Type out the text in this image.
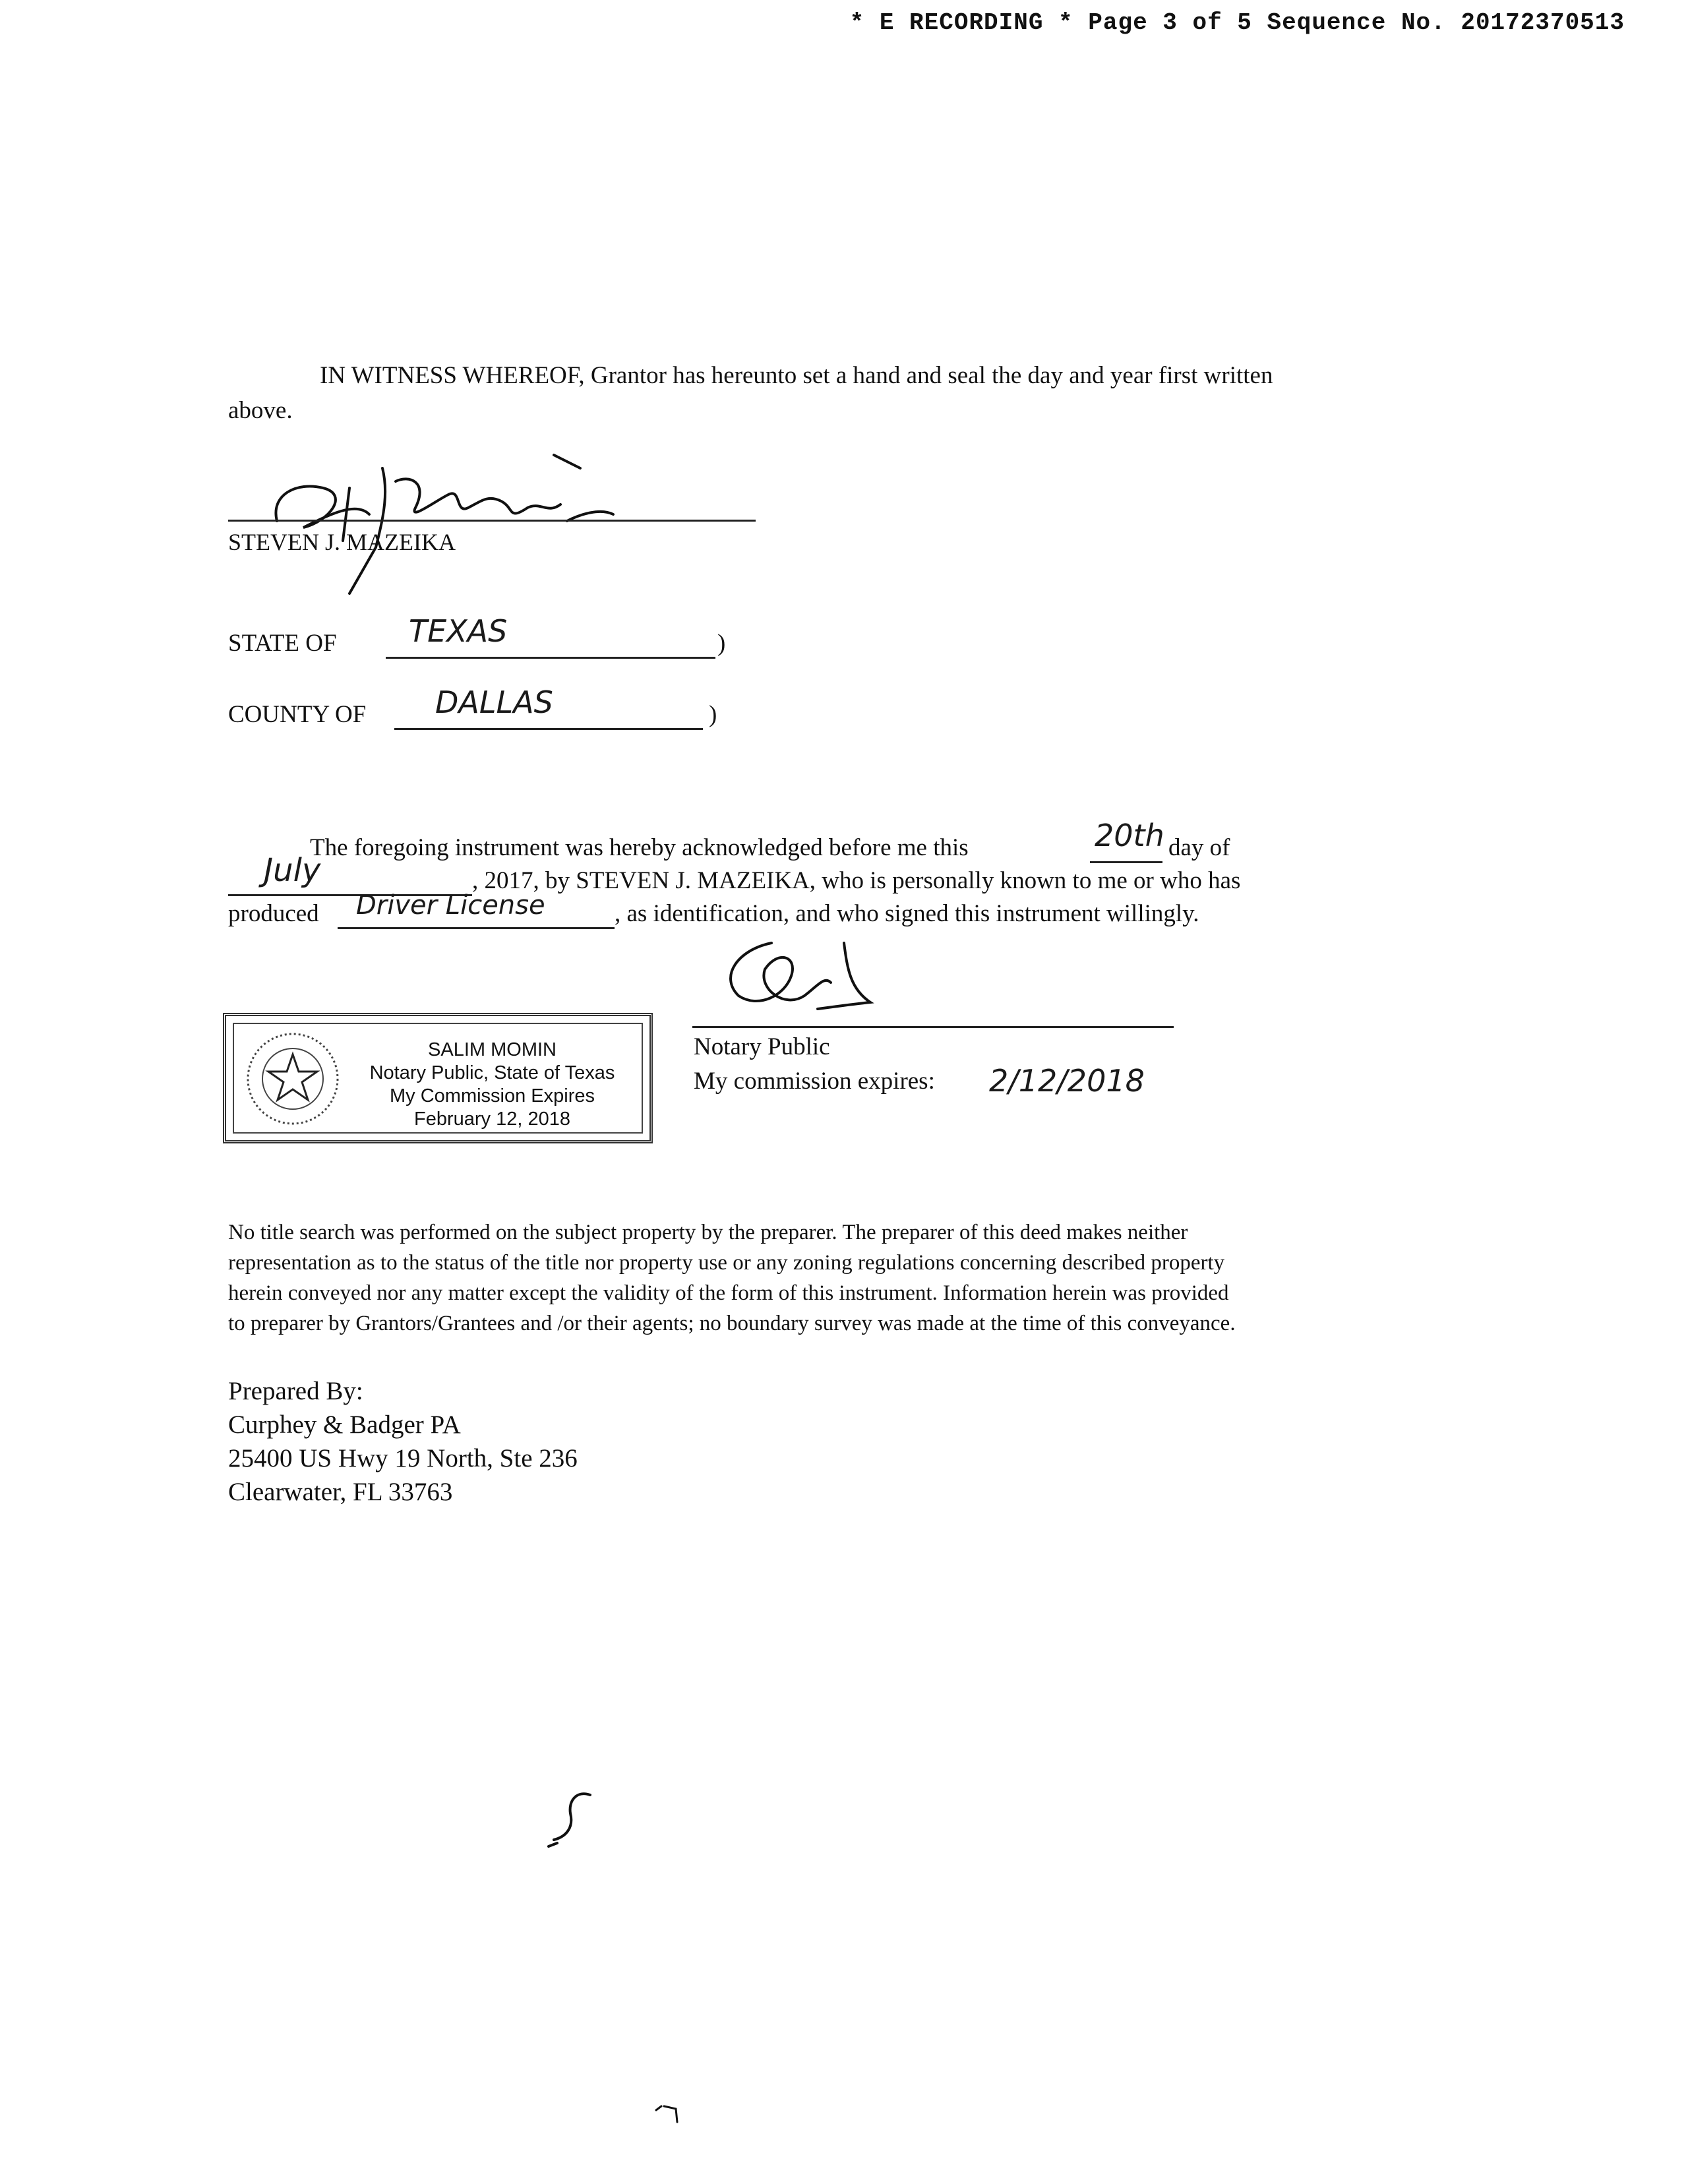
* E RECORDING * Page 3 of 5 Sequence No. 20172370513
IN WITNESS WHEREOF, Grantor has hereunto set a hand and seal the day and year first written
above.
STEVEN J. MAZEIKA
STATE OF TEXAS	)
COUNTY OF DALLAS	)
The foregoing instrument was hereby acknowledged before me this	20th day of
July	, 2017, by STEVEN J. MAZEIKA, who is personally known to me or who has
produced Driver License	, as identification, and who signed this instrument willingly.
Notary Public
My commission expires: 2/12/2018
SALIM MOMIN
Notary Public, State of Texas
My Commission Expires
February 12, 2018
No title search was performed on the subject property by the preparer. The preparer of this deed makes neither
representation as to the status of the title nor property use or any zoning regulations concerning described property
herein conveyed nor any matter except the validity of the form of this instrument. Information herein was provided
to preparer by Grantors/Grantees and /or their agents; no boundary survey was made at the time of this conveyance.
Prepared By:
Curphey & Badger PA
25400 US Hwy 19 North, Ste 236
Clearwater, FL 33763
